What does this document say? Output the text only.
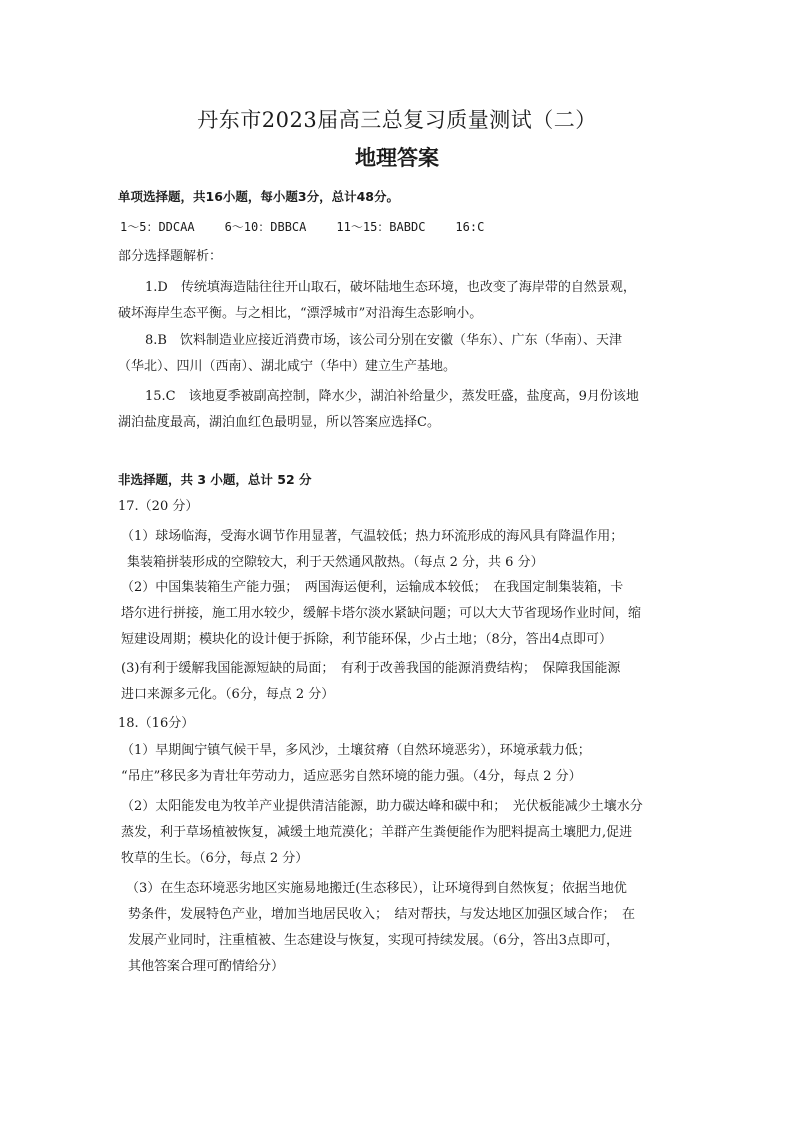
丹东市2023届高三总复习质量测试（二）
地理答案
单项选择题，共16小题，每小题3分，总计48分。
1～5：DDCAA	6～10：DBBCA	11～15：BABDC	16:C
部分选择题解析：
1.D　传统填海造陆往往开山取石，破坏陆地生态环境，也改变了海岸带的自然景观，
破坏海岸生态平衡。与之相比，“漂浮城市”对沿海生态影响小。
8.B　饮料制造业应接近消费市场，该公司分别在安徽（华东）、广东（华南）、天津
（华北）、四川（西南）、湖北咸宁（华中）建立生产基地。
15.C　该地夏季被副高控制，降水少，湖泊补给量少，蒸发旺盛，盐度高，9月份该地
湖泊盐度最高，湖泊血红色最明显，所以答案应选择C。
非选择题，共 3 小题，总计 52 分
17.（20 分）
（1）球场临海，受海水调节作用显著，气温较低；热力环流形成的海风具有降温作用；
集装箱拼装形成的空隙较大，利于天然通风散热。（每点 2 分，共 6 分）
（2）中国集装箱生产能力强；　两国海运便利，运输成本较低；　在我国定制集装箱，卡
塔尔进行拼接，施工用水较少，缓解卡塔尔淡水紧缺问题；可以大大节省现场作业时间，缩
短建设周期；模块化的设计便于拆除，利节能环保，少占土地；（8分，答出4点即可）
(3)有利于缓解我国能源短缺的局面；　有利于改善我国的能源消费结构；　保障我国能源
进口来源多元化。（6分，每点 2 分）
18.（16分）
（1）早期闽宁镇气候干旱，多风沙，土壤贫瘠（自然环境恶劣），环境承载力低；
“吊庄”移民多为青壮年劳动力，适应恶劣自然环境的能力强。（4分，每点 2 分）
（2）太阳能发电为牧羊产业提供清洁能源，助力碳达峰和碳中和；　光伏板能减少土壤水分
蒸发，利于草场植被恢复，减缓土地荒漠化；羊群产生粪便能作为肥料提高土壤肥力,促进
牧草的生长。（6分，每点 2 分）
（3）在生态环境恶劣地区实施易地搬迁(生态移民），让环境得到自然恢复；依据当地优
势条件，发展特色产业，增加当地居民收入；　结对帮扶，与发达地区加强区域合作；　在
发展产业同时，注重植被、生态建设与恢复，实现可持续发展。（6分，答出3点即可，
其他答案合理可酌情给分）
